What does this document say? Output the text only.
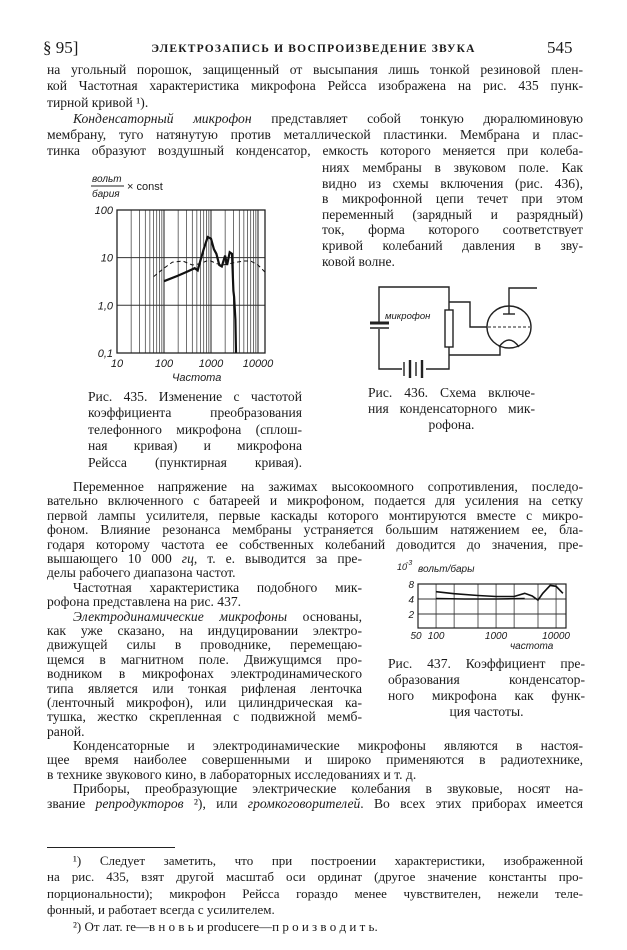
§ 95]	ЭЛЕКТРОЗАПИСЬ И ВОСПРОИЗВЕДЕНИЕ ЗВУКА	545
на угольный порошок, защищенный от высыпания лишь тонкой резиновой плен-
кой Частотная характеристика микрофона Рейсса изображена на рис. 435 пунк-
тирной кривой ¹).
Конденсаторный микрофон представляет собой тонкую дюралюминовую
мембрану, туго натянутую против металлической пластинки. Мембрана и плас-
тинка образуют воздушный конденсатор, емкость которого меняется при колеба-
ниях мембраны в звуковом поле. Как
видно из схемы включения (рис. 436),
в микрофонной цепи течет при этом
переменный (зарядный и разрядный)
ток, форма которого соответствует
кривой колебаний давления в зву-
ковой волне.
Рис. 435. Изменение с частотой
коэффициента преобразования
телефонного микрофона (сплош-
ная кривая) и микрофона
Рейсса (пунктирная кривая).
Рис. 436. Схема включе-
ния конденсаторного мик-
рофона.
Переменное напряжение на зажимах высокоомного сопротивления, последо-
вательно включенного с батареей и микрофоном, подается для усиления на сетку
первой лампы усилителя, первые каскады которого монтируются вместе с микро-
фоном. Влияние резонанса мембраны устраняется большим натяжением ее, бла-
годаря которому частота ее собственных колебаний доводится до значения, пре-
вышающего 10 000 гц, т. е. выводится за пре-
делы рабочего диапазона частот.
Частотная характеристика подобного мик-
рофона представлена на рис. 437.
Электродинамические микрофоны основаны,
как уже сказано, на индуцировании электро-
движущей силы в проводнике, перемещаю-
щемся в магнитном поле. Движущимся про-
водником в микрофонах электродинамического
типа является или тонкая рифленая ленточка
(ленточный микрофон), или цилиндрическая ка-
тушка, жестко скрепленная с подвижной мемб-
раной.
Рис. 437. Коэффициент пре-
образования конденсатор-
ного микрофона как функ-
ция частоты.
Конденсаторные и электродинамические микрофоны являются в настоя-
щее время наиболее совершенными и широко применяются в радиотехнике,
в технике звукового кино, в лабораторных исследованиях и т. д.
Приборы, преобразующие электрические колебания в звуковые, носят на-
звание репродукторов ²), или громкоговорителей. Во всех этих приборах имеется
¹) Следует заметить, что при построении характеристики, изображенной
на рис. 435, взят другой масштаб оси ординат (другое значение константы про-
порциональности); микрофон Рейсса гораздо менее чувствителен, нежели теле-
фонный, и работает всегда с усилителем.
²) От лат. re—в н о в ь и producere—п р о и з в о д и т ь.
вольт
бария
× const
Частота
100
10
1,0
0,1
10	100 1000 10000
микрофон
10
-3
вольт/бары
частота
8
4
2
50 100	1000	10000
